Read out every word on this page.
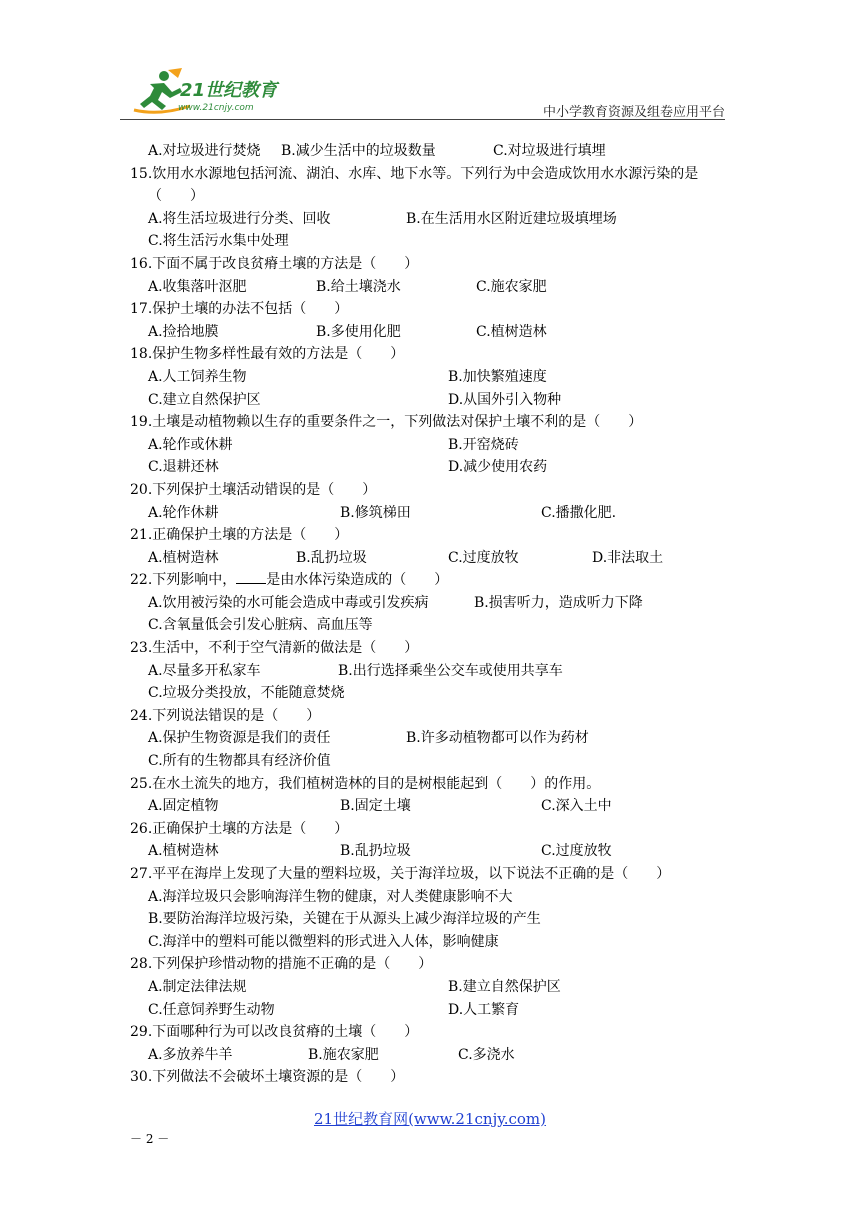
21世纪教育
www.21cnjy.com	中小学教育资源及组卷应用平台
A.对垃圾进行焚烧 B.减少生活中的垃圾数量	C.对垃圾进行填埋
15.饮用水水源地包括河流、湖泊、水库、地下水等。下列行为中会造成饮用水水源污染的是（　　）
A.将生活垃圾进行分类、回收	B.在生活用水区附近建垃圾填埋场
C.将生活污水集中处理
16.下面不属于改良贫瘠土壤的方法是（　　）
A.收集落叶沤肥	B.给土壤浇水	C.施农家肥
17.保护土壤的办法不包括（　　）
A.捡拾地膜	B.多使用化肥	C.植树造林
18.保护生物多样性最有效的方法是（　　）
A.人工饲养生物	B.加快繁殖速度
C.建立自然保护区	D.从国外引入物种
19.土壤是动植物赖以生存的重要条件之一，下列做法对保护土壤不利的是（　　）
A.轮作或休耕	B.开窑烧砖
C.退耕还林	D.减少使用农药
20.下列保护土壤活动错误的是（　　）
A.轮作休耕	B.修筑梯田	C.播撒化肥.
21.正确保护土壤的方法是（　　）
A.植树造林	B.乱扔垃圾	C.过度放牧	D.非法取土
22.下列影响中， 是由水体污染造成的（　　）
A.饮用被污染的水可能会造成中毒或引发疾病	B.损害听力，造成听力下降
C.含氧量低会引发心脏病、高血压等
23.生活中，不利于空气清新的做法是（　　）
A.尽量多开私家车	B.出行选择乘坐公交车或使用共享车
C.垃圾分类投放，不能随意焚烧
24.下列说法错误的是（　　）
A.保护生物资源是我们的责任	B.许多动植物都可以作为药材
C.所有的生物都具有经济价值
25.在水土流失的地方，我们植树造林的目的是树根能起到（　　）的作用。
A.固定植物	B.固定土壤	C.深入土中
26.正确保护土壤的方法是（　　）
A.植树造林	B.乱扔垃圾	C.过度放牧
27.平平在海岸上发现了大量的塑料垃圾，关于海洋垃圾，以下说法不正确的是（　　）
A.海洋垃圾只会影响海洋生物的健康，对人类健康影响不大
B.要防治海洋垃圾污染，关键在于从源头上减少海洋垃圾的产生
C.海洋中的塑料可能以微塑料的形式进入人体，影响健康
28.下列保护珍惜动物的措施不正确的是（　　）
A.制定法律法规	B.建立自然保护区
C.任意饲养野生动物	D.人工繁育
29.下面哪种行为可以改良贫瘠的土壤（　　）
A.多放养牛羊	B.施农家肥	C.多浇水
30.下列做法不会破坏土壤资源的是（　　）
21世纪教育网(www.21cnjy.com)
－ 2 －
